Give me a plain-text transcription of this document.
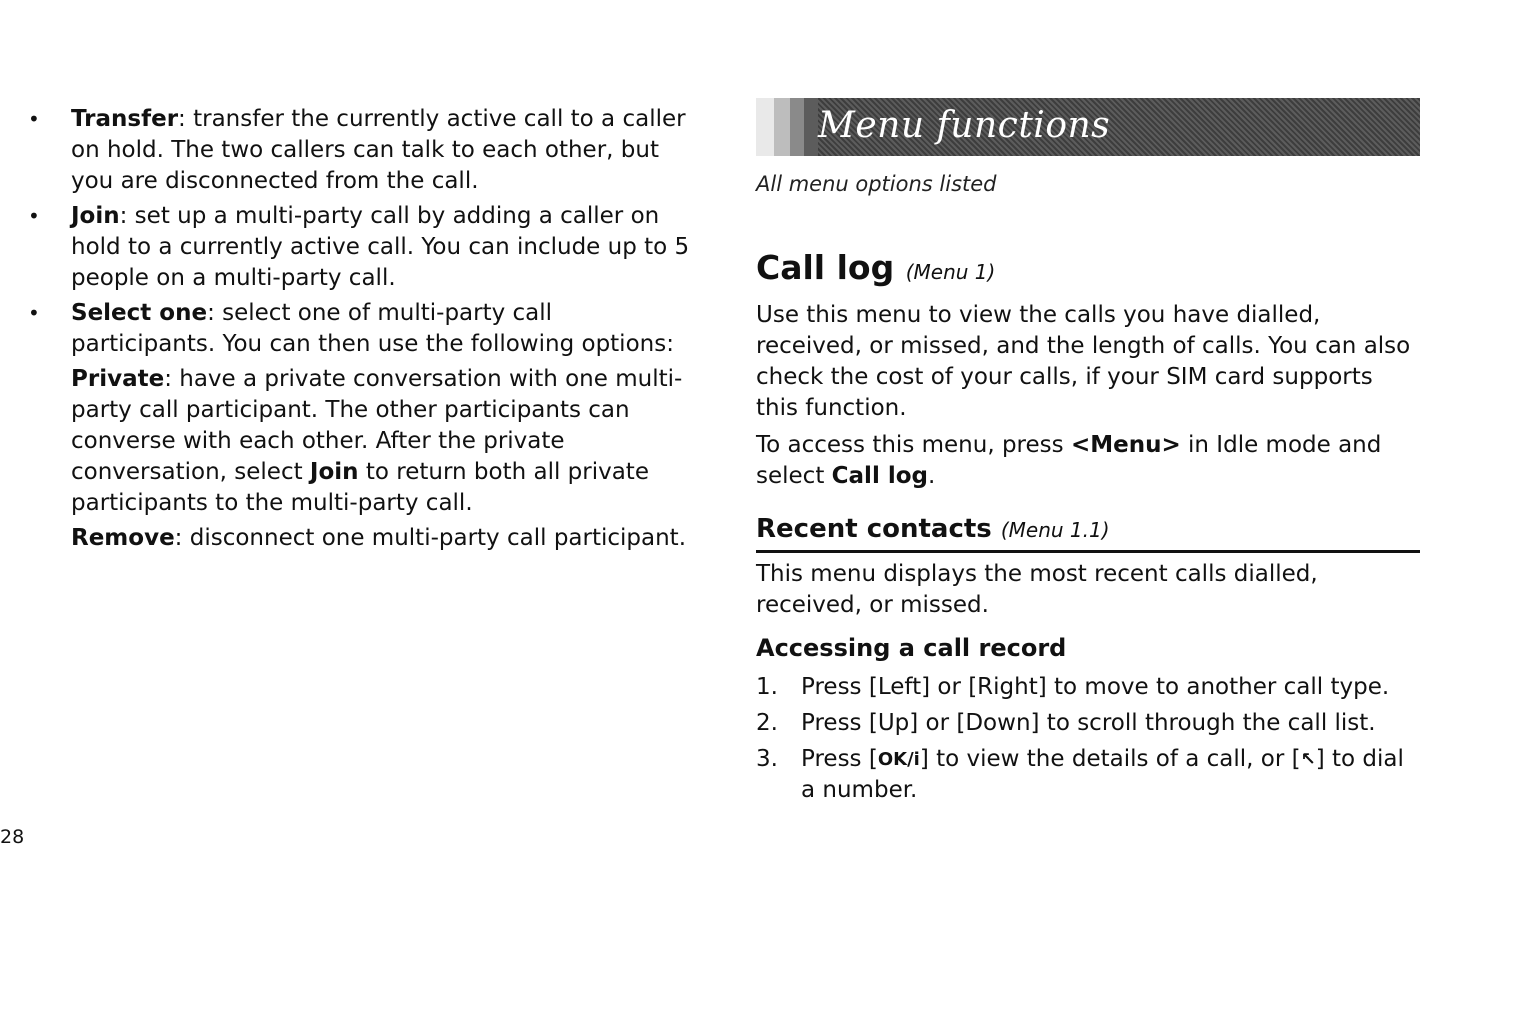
• Transfer: transfer the currently active call to a caller on hold. The two callers can talk to each other, but you are disconnected from the call.
• Join: set up a multi-party call by adding a caller on hold to a currently active call. You can include up to 5 people on a multi-party call.
• Select one: select one of multi-party call participants. You can then use the following options:
Private: have a private conversation with one multi-party call participant. The other participants can converse with each other. After the private conversation, select Join to return both all private participants to the multi-party call.
Remove: disconnect one multi-party call participant.
28
Menu functions
All menu options listed
Call log (Menu 1)
Use this menu to view the calls you have dialled, received, or missed, and the length of calls. You can also check the cost of your calls, if your SIM card supports this function.
To access this menu, press <Menu> in Idle mode and select Call log.
Recent contacts (Menu 1.1)
This menu displays the most recent calls dialled, received, or missed.
Accessing a call record
1. Press [Left] or [Right] to move to another call type.
2. Press [Up] or [Down] to scroll through the call list.
3. Press [OK/i] to view the details of a call, or [↖] to dial a number.
